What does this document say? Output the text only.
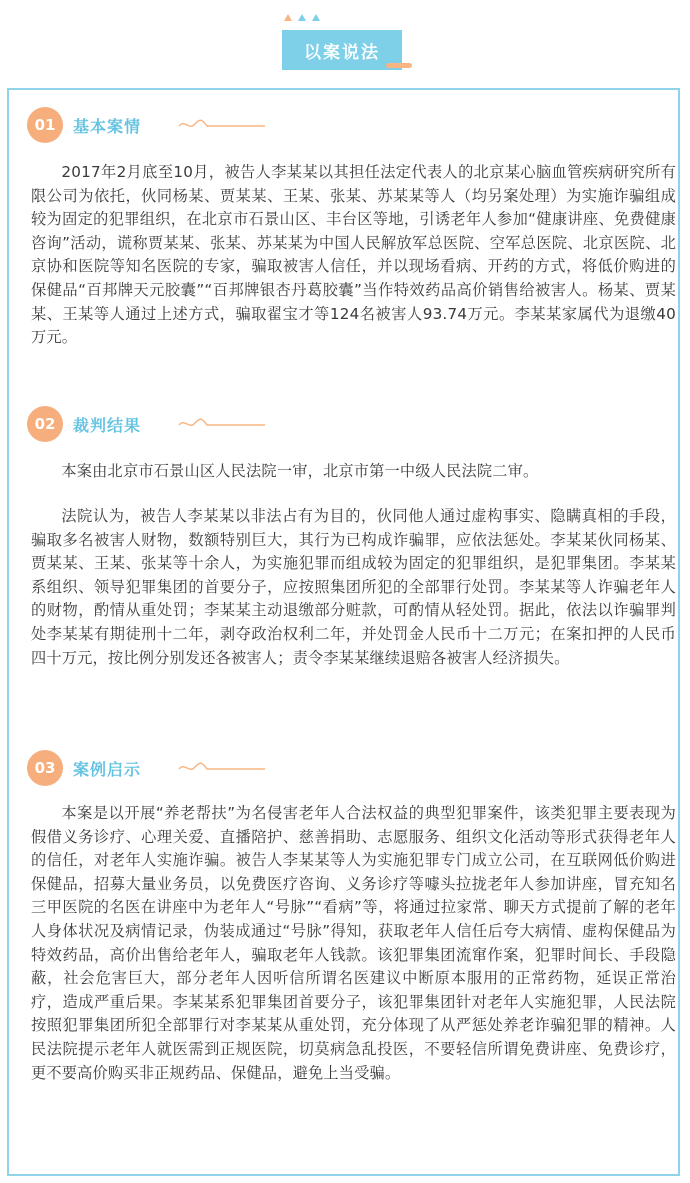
以案说法
01	基本案情

2017年2月底至10月，被告人李某某以其担任法定代表人的北京某心脑血管疾病研究所有限公司为依托，伙同杨某、贾某某、王某、张某、苏某某等人（均另案处理）为实施诈骗组成较为固定的犯罪组织，在北京市石景山区、丰台区等地，引诱老年人参加“健康讲座、免费健康咨询”活动，谎称贾某某、张某、苏某某为中国人民解放军总医院、空军总医院、北京医院、北京协和医院等知名医院的专家，骗取被害人信任，并以现场看病、开药的方式，将低价购进的保健品“百邦牌天元胶囊”“百邦牌银杏丹葛胶囊”当作特效药品高价销售给被害人。杨某、贾某某、王某等人通过上述方式，骗取翟宝才等124名被害人93.74万元。李某某家属代为退缴40万元。

02	裁判结果

本案由北京市石景山区人民法院一审，北京市第一中级人民法院二审。

法院认为，被告人李某某以非法占有为目的，伙同他人通过虚构事实、隐瞒真相的手段，骗取多名被害人财物，数额特别巨大，其行为已构成诈骗罪，应依法惩处。李某某伙同杨某、贾某某、王某、张某等十余人，为实施犯罪而组成较为固定的犯罪组织，是犯罪集团。李某某系组织、领导犯罪集团的首要分子，应按照集团所犯的全部罪行处罚。李某某等人诈骗老年人的财物，酌情从重处罚；李某某主动退缴部分赃款，可酌情从轻处罚。据此，依法以诈骗罪判处李某某有期徒刑十二年，剥夺政治权利二年，并处罚金人民币十二万元；在案扣押的人民币四十万元，按比例分别发还各被害人；责令李某某继续退赔各被害人经济损失。

03	案例启示

本案是以开展“养老帮扶”为名侵害老年人合法权益的典型犯罪案件，该类犯罪主要表现为假借义务诊疗、心理关爱、直播陪护、慈善捐助、志愿服务、组织文化活动等形式获得老年人的信任，对老年人实施诈骗。被告人李某某等人为实施犯罪专门成立公司，在互联网低价购进保健品，招募大量业务员，以免费医疗咨询、义务诊疗等噱头拉拢老年人参加讲座，冒充知名三甲医院的名医在讲座中为老年人“号脉”“看病”等，将通过拉家常、聊天方式提前了解的老年人身体状况及病情记录，伪装成通过“号脉”得知，获取老年人信任后夸大病情、虚构保健品为特效药品，高价出售给老年人，骗取老年人钱款。该犯罪集团流窜作案，犯罪时间长、手段隐蔽，社会危害巨大，部分老年人因听信所谓名医建议中断原本服用的正常药物，延误正常治疗，造成严重后果。李某某系犯罪集团首要分子，该犯罪集团针对老年人实施犯罪，人民法院按照犯罪集团所犯全部罪行对李某某从重处罚，充分体现了从严惩处养老诈骗犯罪的精神。人民法院提示老年人就医需到正规医院，切莫病急乱投医，不要轻信所谓免费讲座、免费诊疗，更不要高价购买非正规药品、保健品，避免上当受骗。
